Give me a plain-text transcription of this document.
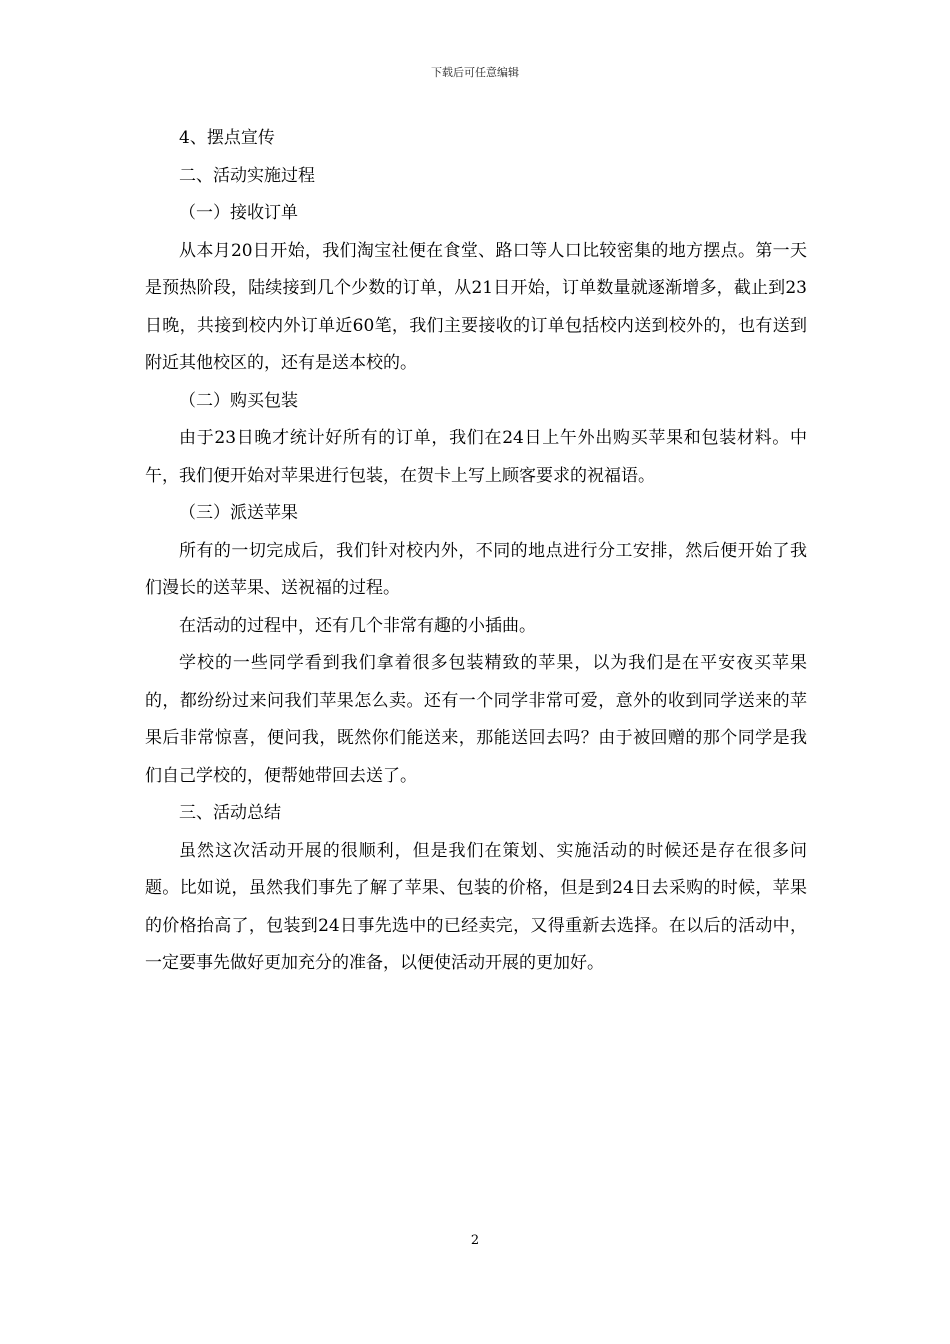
下载后可任意编辑

4、摆点宣传

二、活动实施过程

（一）接收订单

从本月20日开始，我们淘宝社便在食堂、路口等人口比较密集的地方摆点。第一天是预热阶段，陆续接到几个少数的订单，从21日开始，订单数量就逐渐增多，截止到23日晚，共接到校内外订单近60笔，我们主要接收的订单包括校内送到校外的，也有送到附近其他校区的，还有是送本校的。

（二）购买包装

由于23日晚才统计好所有的订单，我们在24日上午外出购买苹果和包装材料。中午，我们便开始对苹果进行包装，在贺卡上写上顾客要求的祝福语。

（三）派送苹果

所有的一切完成后，我们针对校内外，不同的地点进行分工安排，然后便开始了我们漫长的送苹果、送祝福的过程。

在活动的过程中，还有几个非常有趣的小插曲。

学校的一些同学看到我们拿着很多包装精致的苹果，以为我们是在平安夜买苹果的，都纷纷过来问我们苹果怎么卖。还有一个同学非常可爱，意外的收到同学送来的苹果后非常惊喜，便问我，既然你们能送来，那能送回去吗？由于被回赠的那个同学是我们自己学校的，便帮她带回去送了。

三、活动总结

虽然这次活动开展的很顺利，但是我们在策划、实施活动的时候还是存在很多问题。比如说，虽然我们事先了解了苹果、包装的价格，但是到24日去采购的时候，苹果的价格抬高了，包装到24日事先选中的已经卖完，又得重新去选择。在以后的活动中，一定要事先做好更加充分的准备，以便使活动开展的更加好。

2
